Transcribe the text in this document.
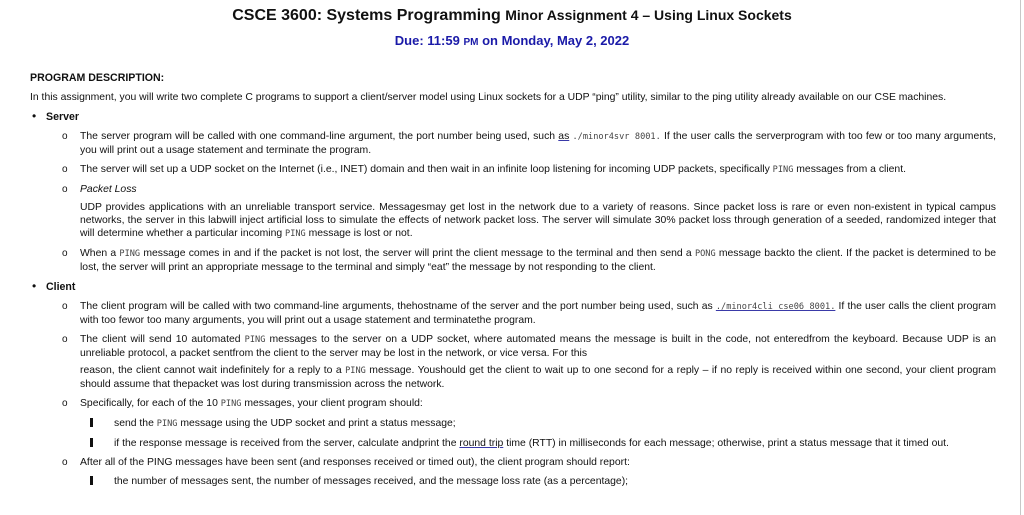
CSCE 3600: Systems Programming Minor Assignment 4 – Using Linux Sockets
Due: 11:59 PM on Monday, May 2, 2022
PROGRAM DESCRIPTION:

In this assignment, you will write two complete C programs to support a client/server model using Linux sockets for a UDP “ping” utility, similar to the ping utility already available on our CSE machines.

• Server
o The server program will be called with one command-line argument, the port number being used, such as ./minor4svr 8001. If the user calls the serverprogram with too few or too many arguments, you will print out a usage statement and terminate the program.
o The server will set up a UDP socket on the Internet (i.e., INET) domain and then wait in an infinite loop listening for incoming UDP packets, specifically PING messages from a client.
o Packet Loss
UDP provides applications with an unreliable transport service. Messagesmay get lost in the network due to a variety of reasons. Since packet loss is rare or even non-existent in typical campus networks, the server in this labwill inject artificial loss to simulate the effects of network packet loss. The server will simulate 30% packet loss through generation of a seeded, randomized integer that will determine whether a particular incoming PING message is lost or not.
o When a PING message comes in and if the packet is not lost, the server will print the client message to the terminal and then send a PONG message backto the client. If the packet is determined to be lost, the server will print an appropriate message to the terminal and simply “eat” the message by not responding to the client.
• Client
o The client program will be called with two command-line arguments, thehostname of the server and the port number being used, such as ./minor4cli cse06 8001. If the user calls the client program with too fewor too many arguments, you will print out a usage statement and terminatethe program.
o The client will send 10 automated PING messages to the server on a UDP socket, where automated means the message is built in the code, not enteredfrom the keyboard. Because UDP is an unreliable protocol, a packet sentfrom the client to the server may be lost in the network, or vice versa. For this
reason, the client cannot wait indefinitely for a reply to a PING message. Youshould get the client to wait up to one second for a reply – if no reply is received within one second, your client program should assume that thepacket was lost during transmission across the network.
o Specifically, for each of the 10 PING messages, your client program should:
send the PING message using the UDP socket and print a status message;
if the response message is received from the server, calculate andprint the round trip time (RTT) in milliseconds for each message; otherwise, print a status message that it timed out.
o After all of the PING messages have been sent (and responses received or timed out), the client program should report:
the number of messages sent, the number of messages received, and the message loss rate (as a percentage);
